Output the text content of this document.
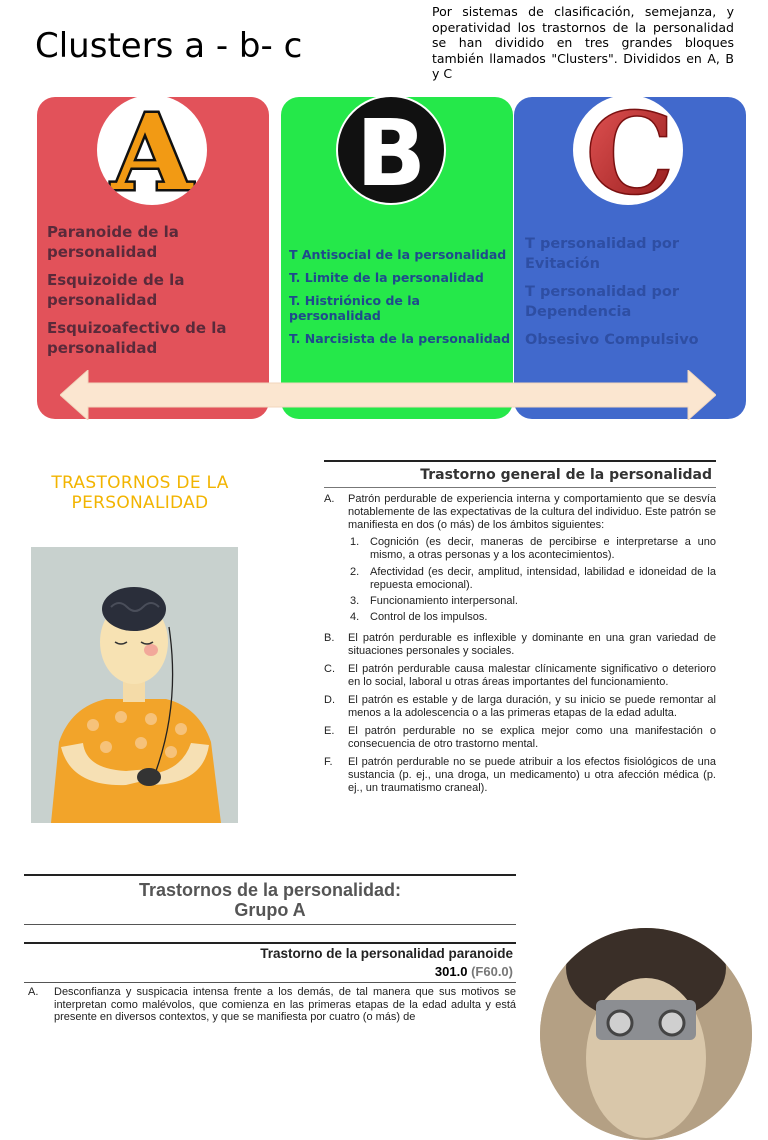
Clusters a - b- c
Por sistemas de clasificación, semejanza, y operatividad los trastornos de la personalidad se han dividido en tres grandes bloques también llamados "Clusters". Divididos en A, B y C
A B C
Paranoide de la personalidad
Esquizoide de la personalidad
Esquizoafectivo de la personalidad
T Antisocial de la personalidad
T. Limite de la personalidad
T. Histriónico de la personalidad
T. Narcisista de la personalidad
T personalidad por Evitación
T personalidad por Dependencia
Obsesivo Compulsivo
TRASTORNOS DE LA PERSONALIDAD
Trastorno general de la personalidad
A.	Patrón perdurable de experiencia interna y comportamiento que se desvía notablemente de las expectativas de la cultura del individuo. Este patrón se manifiesta en dos (o más) de los ámbitos siguientes:
1. Cognición (es decir, maneras de percibirse e interpretarse a uno mismo, a otras personas y a los acontecimientos).
2. Afectividad (es decir, amplitud, intensidad, labilidad e idoneidad de la repuesta emocional).
3. Funcionamiento interpersonal.
4. Control de los impulsos.
B.	El patrón perdurable es inflexible y dominante en una gran variedad de situaciones personales y sociales.
C.	El patrón perdurable causa malestar clínicamente significativo o deterioro en lo social, laboral u otras áreas importantes del funcionamiento.
D.	El patrón es estable y de larga duración, y su inicio se puede remontar al menos a la adolescencia o a las primeras etapas de la edad adulta.
E.	El patrón perdurable no se explica mejor como una manifestación o consecuencia de otro trastorno mental.
F.	El patrón perdurable no se puede atribuir a los efectos fisiológicos de una sustancia (p. ej., una droga, un medicamento) u otra afección médica (p. ej., un traumatismo craneal).
Trastornos de la personalidad:
Grupo A
Trastorno de la personalidad paranoide
301.0 (F60.0)
A.	Desconfianza y suspicacia intensa frente a los demás, de tal manera que sus motivos se interpretan como malévolos, que comienza en las primeras etapas de la edad adulta y está presente en diversos contextos, y que se manifiesta por cuatro (o más) de
